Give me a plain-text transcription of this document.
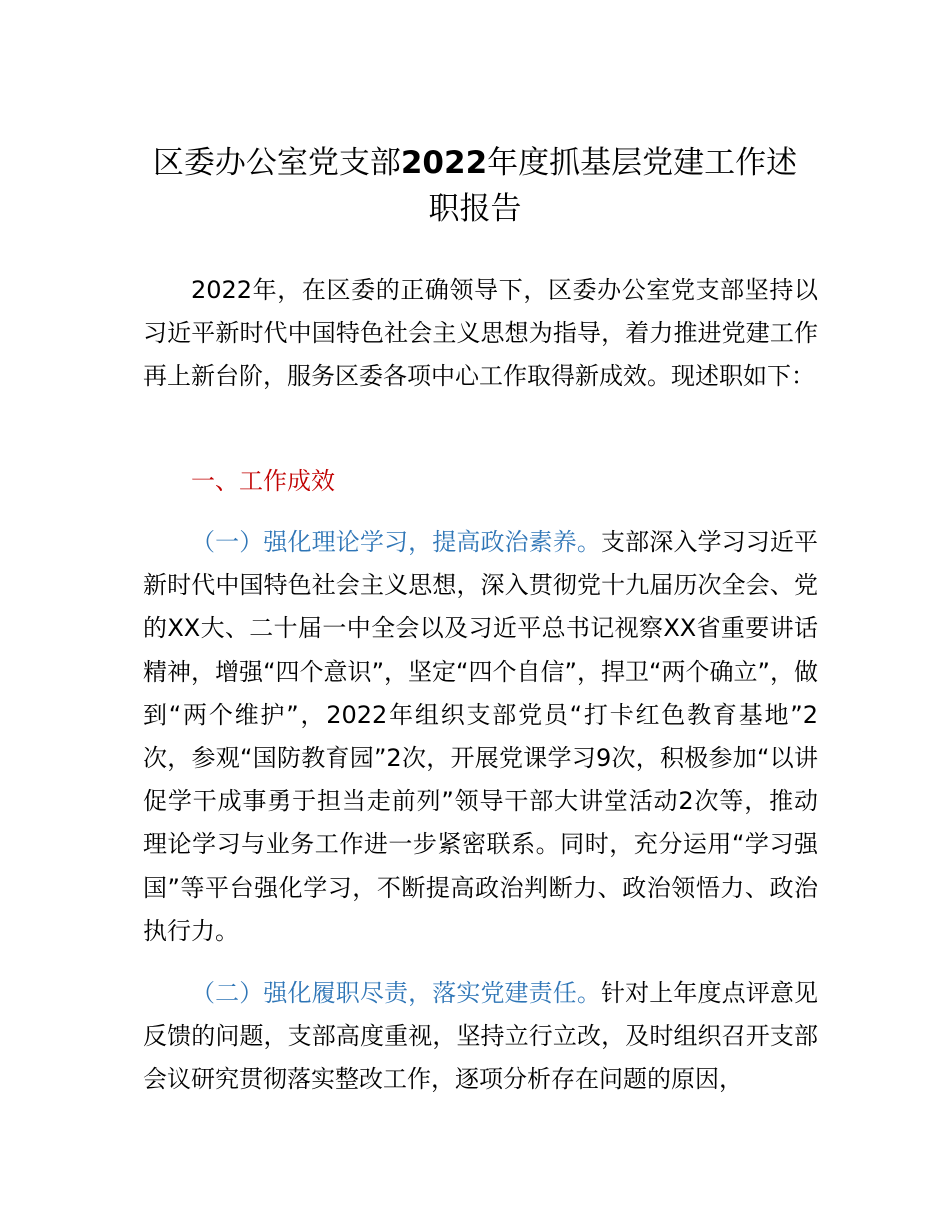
区委办公室党支部2022年度抓基层党建工作述职报告
2022年，在区委的正确领导下，区委办公室党支部坚持以习近平新时代中国特色社会主义思想为指导，着力推进党建工作再上新台阶，服务区委各项中心工作取得新成效。现述职如下：
一、工作成效
（一）强化理论学习，提高政治素养。支部深入学习习近平新时代中国特色社会主义思想，深入贯彻党十九届历次全会、党的XX大、二十届一中全会以及习近平总书记视察XX省重要讲话精神，增强“四个意识”，坚定“四个自信”，捍卫“两个确立”，做到“两个维护”，2022年组织支部党员“打卡红色教育基地”2次，参观“国防教育园”2次，开展党课学习9次，积极参加“以讲促学干成事勇于担当走前列”领导干部大讲堂活动2次等，推动理论学习与业务工作进一步紧密联系。同时，充分运用“学习强国”等平台强化学习，不断提高政治判断力、政治领悟力、政治执行力。
（二）强化履职尽责，落实党建责任。针对上年度点评意见反馈的问题，支部高度重视，坚持立行立改，及时组织召开支部会议研究贯彻落实整改工作，逐项分析存在问题的原因，
